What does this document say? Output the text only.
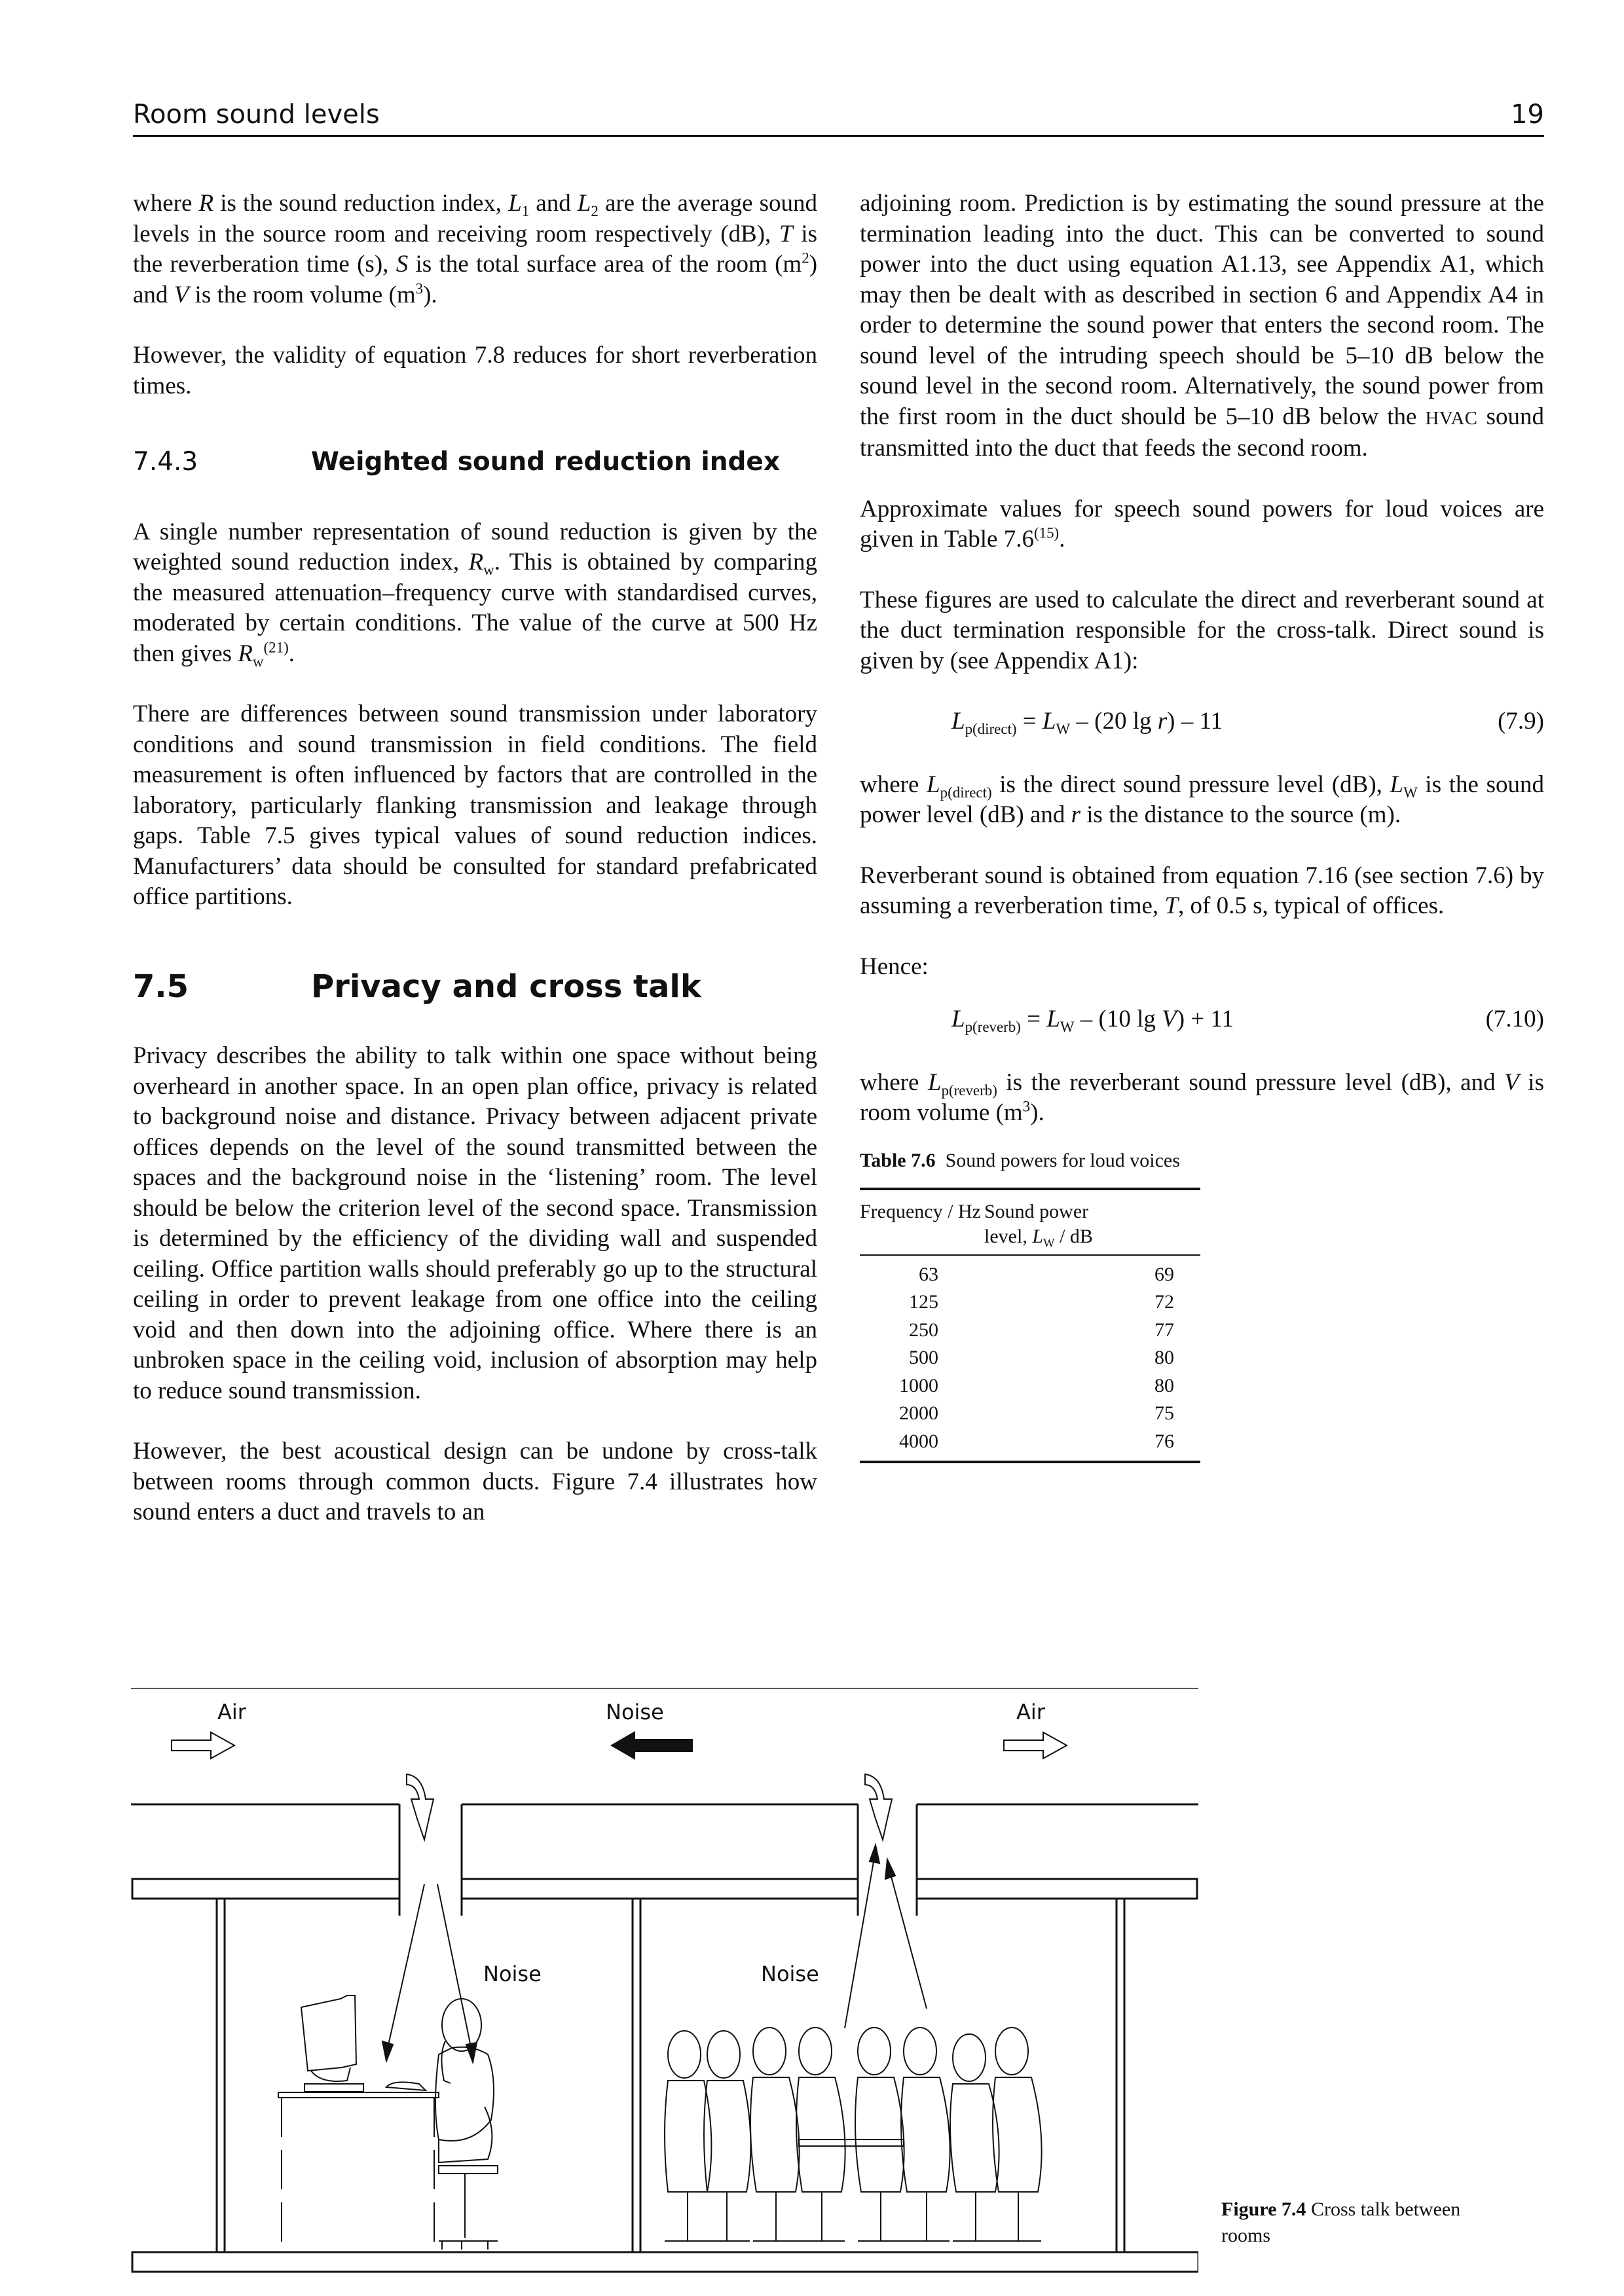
Room sound levels	19

where R is the sound reduction index, $L_1$ and $L_2$ are the average sound levels in the source room and receiving room respectively (dB), T is the reverberation time (s), S is the total surface area of the room $(m^2)$ and V is the room volume $(m^3)$.

However, the validity of equation 7.8 reduces for short reverberation times.

7.4.3	Weighted sound reduction index

A single number representation of sound reduction is given by the weighted sound reduction index, $R_w$. This is obtained by comparing the measured attenuation–frequency curve with standardised curves, moderated by certain conditions. The value of the curve at 500 Hz then gives $R_w^{(21)}$.

There are differences between sound transmission under laboratory conditions and sound transmission in field conditions. The field measurement is often influenced by factors that are controlled in the laboratory, particularly flanking transmission and leakage through gaps. Table 7.5 gives typical values of sound reduction indices. Manufacturers’ data should be consulted for standard prefabricated office partitions.

7.5	Privacy and cross talk

Privacy describes the ability to talk within one space without being overheard in another space. In an open plan office, privacy is related to background noise and distance. Privacy between adjacent private offices depends on the level of the sound transmitted between the spaces and the background noise in the ‘listening’ room. The level should be below the criterion level of the second space. Transmission is determined by the efficiency of the dividing wall and suspended ceiling. Office partition walls should preferably go up to the structural ceiling in order to prevent leakage from one office into the ceiling void and then down into the adjoining office. Where there is an unbroken space in the ceiling void, inclusion of absorption may help to reduce sound transmission.

However, the best acoustical design can be undone by cross-talk between rooms through common ducts. Figure 7.4 illustrates how sound enters a duct and travels to an

adjoining room. Prediction is by estimating the sound pressure at the termination leading into the duct. This can be converted to sound power into the duct using equation A1.13, see Appendix A1, which may then be dealt with as described in section 6 and Appendix A4 in order to determine the sound power that enters the second room. The sound level of the intruding speech should be 5–10 dB below the sound level in the second room. Alternatively, the sound power from the first room in the duct should be 5–10 dB below the HVAC sound transmitted into the duct that feeds the second room.

Approximate values for speech sound powers for loud voices are given in Table 7.6$^{(15)}$.

These figures are used to calculate the direct and reverberant sound at the duct termination responsible for the cross-talk. Direct sound is given by (see Appendix A1):

$L_{p(direct)} = L_W - (20$ lg r) – 11	(7.9)

where $L_{p(direct)}$ is the direct sound pressure level (dB), $L_W$ is the sound power level (dB) and r is the distance to the source (m).

Reverberant sound is obtained from equation 7.16 (see section 7.6) by assuming a reverberation time, T, of 0.5 s, typical of offices.

Hence:

$L_{p(reverb)} = L_W - (10$ lg V) + 11	(7.10)

where $L_{p(reverb)}$ is the reverberant sound pressure level (dB), and V is room volume $(m^3)$.

Table 7.6 Sound powers for loud voices
Frequency / Hz	Sound power
level, $L_W$ / dB
63	69
125	72
250	77
500	80
1000	80
2000	75
4000	76
Air	Noise	Air
Noise	Noise
Figure 7.4 Cross talk between rooms
